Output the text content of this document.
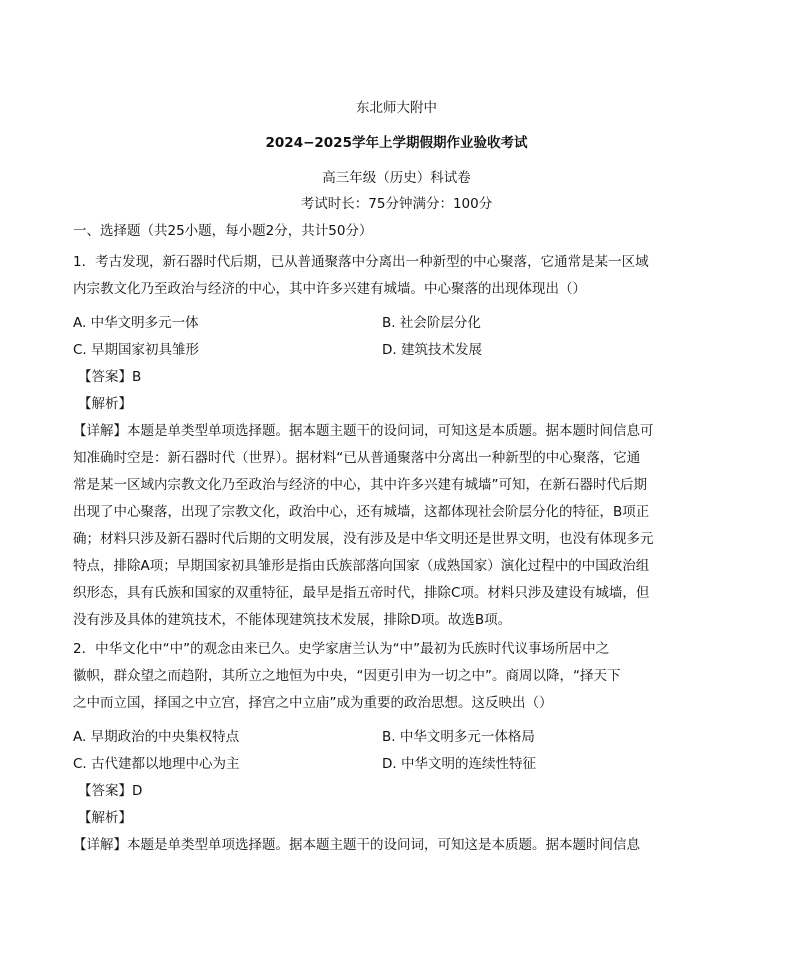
东北师大附中
2024−2025学年上学期假期作业验收考试
高三年级（历史）科试卷
考试时长：75分钟满分：100分
一、选择题（共25小题，每小题2分，共计50分）
1．考古发现，新石器时代后期，已从普通聚落中分离出一种新型的中心聚落，它通常是某一区域
内宗教文化乃至政治与经济的中心，其中许多兴建有城墙。中心聚落的出现体现出（）
A. 中华文明多元一体	B. 社会阶层分化
C. 早期国家初具雏形	D. 建筑技术发展
【答案】B
【解析】
【详解】本题是单类型单项选择题。据本题主题干的设问词，可知这是本质题。据本题时间信息可
知准确时空是：新石器时代（世界）。据材料“已从普通聚落中分离出一种新型的中心聚落，它通
常是某一区域内宗教文化乃至政治与经济的中心，其中许多兴建有城墙”可知，在新石器时代后期
出现了中心聚落，出现了宗教文化，政治中心，还有城墙，这都体现社会阶层分化的特征，B项正
确；材料只涉及新石器时代后期的文明发展，没有涉及是中华文明还是世界文明，也没有体现多元
特点，排除A项；早期国家初具雏形是指由氏族部落向国家（成熟国家）演化过程中的中国政治组
织形态，具有氏族和国家的双重特征，最早是指五帝时代，排除C项。材料只涉及建设有城墙，但
没有涉及具体的建筑技术，不能体现建筑技术发展，排除D项。故选B项。
2．中华文化中“中”的观念由来已久。史学家唐兰认为“中”最初为氏族时代议事场所居中之
徽帜，群众望之而趋附，其所立之地恒为中央，“因更引申为一切之中”。商周以降，“择天下
之中而立国，择国之中立宫，择宫之中立庙”成为重要的政治思想。这反映出（）
A. 早期政治的中央集权特点	B. 中华文明多元一体格局
C. 古代建都以地理中心为主	D. 中华文明的连续性特征
【答案】D
【解析】
【详解】本题是单类型单项选择题。据本题主题干的设问词，可知这是本质题。据本题时间信息
